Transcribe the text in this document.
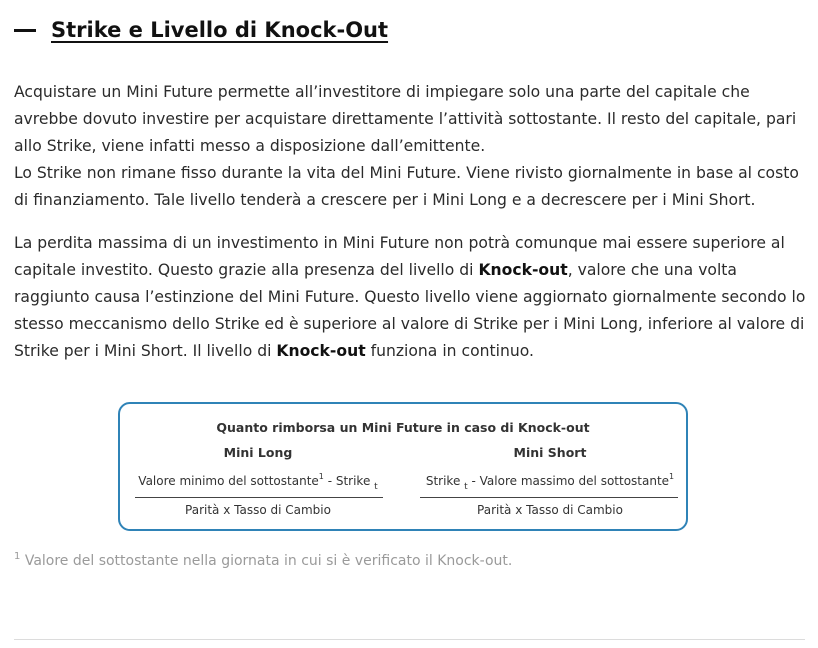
Strike e Livello di Knock-Out

Acquistare un Mini Future permette all’investitore di impiegare solo una parte del capitale che avrebbe dovuto investire per acquistare direttamente l’attività sottostante. Il resto del capitale, pari allo Strike, viene infatti messo a disposizione dall’emittente.
Lo Strike non rimane fisso durante la vita del Mini Future. Viene rivisto giornalmente in base al costo di finanziamento. Tale livello tenderà a crescere per i Mini Long e a decrescere per i Mini Short.

La perdita massima di un investimento in Mini Future non potrà comunque mai essere superiore al capitale investito. Questo grazie alla presenza del livello di Knock-out, valore che una volta raggiunto causa l’estinzione del Mini Future. Questo livello viene aggiornato giornalmente secondo lo stesso meccanismo dello Strike ed è superiore al valore di Strike per i Mini Long, inferiore al valore di Strike per i Mini Short. Il livello di Knock-out funziona in continuo.

Quanto rimborsa un Mini Future in caso di Knock-out
Mini Long
Valore minimo del sottostante$^1$ - Strike $_t$
Parità x Tasso di Cambio
Mini Short
Strike $_t$ - Valore massimo del sottostante$^1$
Parità x Tasso di Cambio
$^1$ Valore del sottostante nella giornata in cui si è verificato il Knock-out.
